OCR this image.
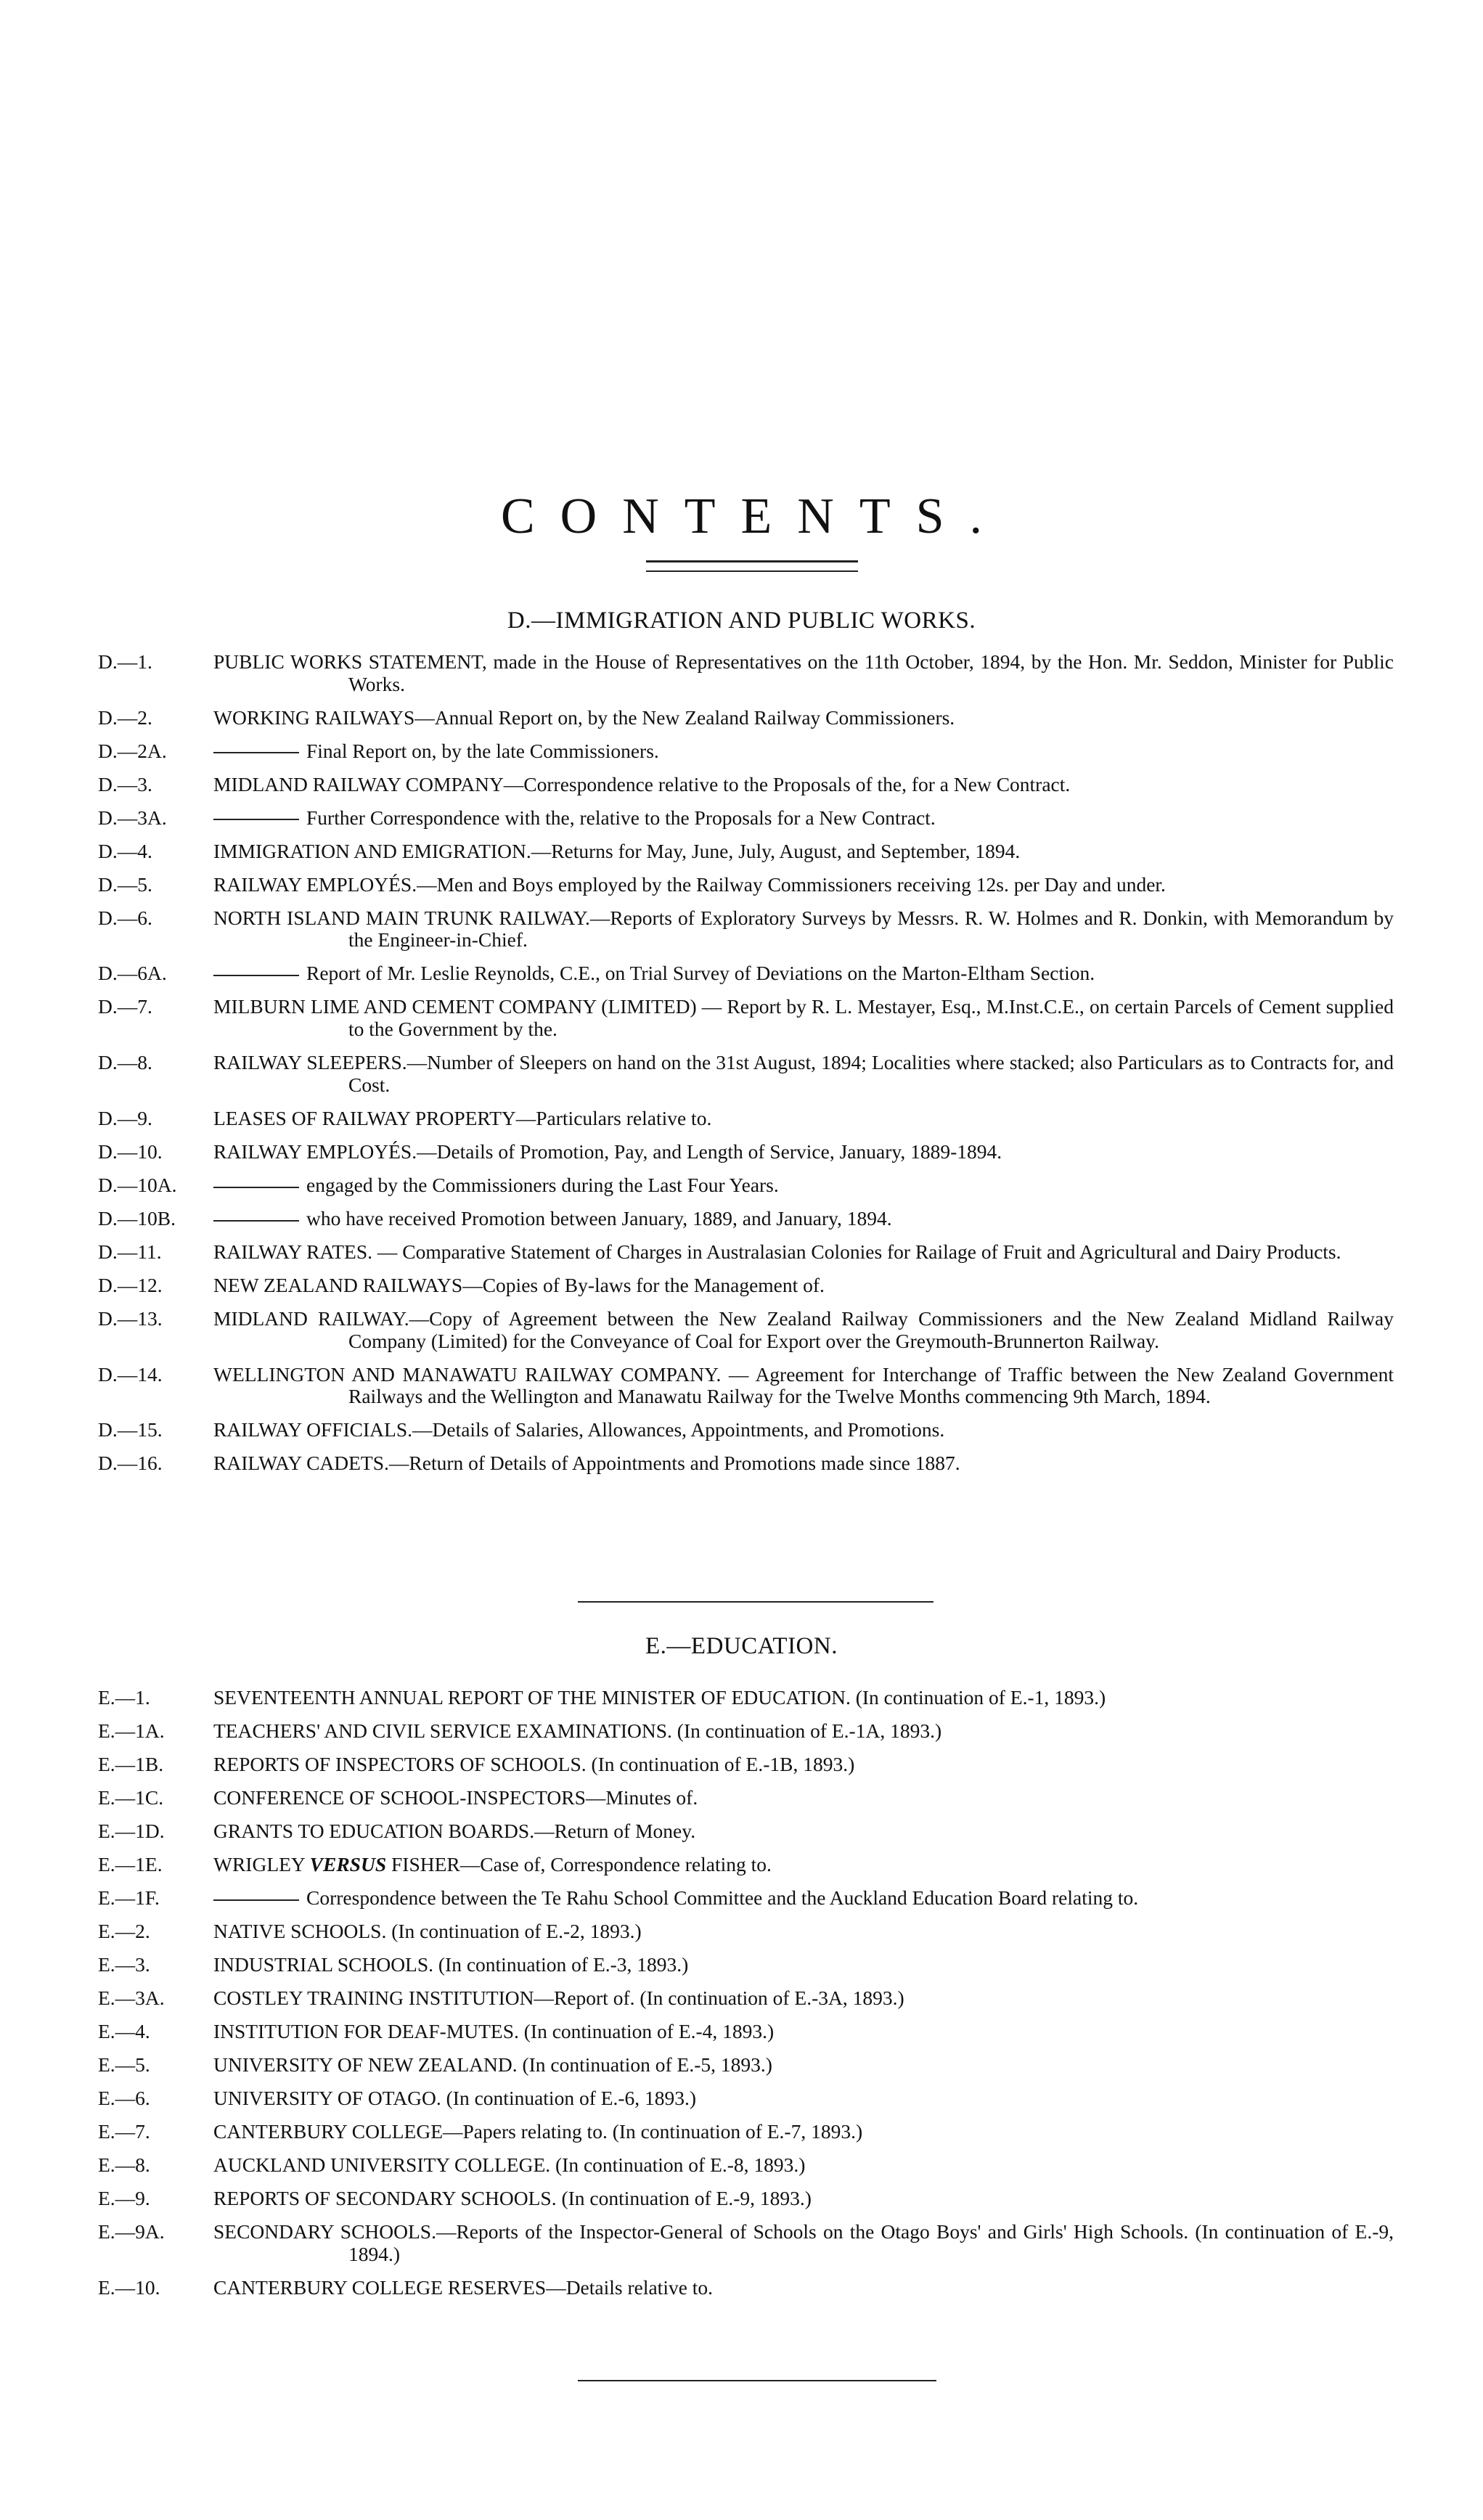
CONTENTS.
D.—IMMIGRATION AND PUBLIC WORKS.
D.—1.	PUBLIC WORKS STATEMENT, made in the House of Representatives on the 11th October, 1894, by the Hon. Mr. Seddon, Minister for Public Works.
D.—2.	WORKING RAILWAYS—Annual Report on, by the New Zealand Railway Commissioners.
D.—2A.	Final Report on, by the late Commissioners.
D.—3.	MIDLAND RAILWAY COMPANY—Correspondence relative to the Proposals of the, for a New Contract.
D.—3A.	Further Correspondence with the, relative to the Proposals for a New Contract.
D.—4.	IMMIGRATION AND EMIGRATION.—Returns for May, June, July, August, and September, 1894.
D.—5.	RAILWAY EMPLOYÉS.—Men and Boys employed by the Railway Commissioners receiving 12s. per Day and under.
D.—6.	NORTH ISLAND MAIN TRUNK RAILWAY.—Reports of Exploratory Surveys by Messrs. R. W. Holmes and R. Donkin, with Memorandum by the Engineer-in-Chief.
D.—6A.	Report of Mr. Leslie Reynolds, C.E., on Trial Survey of Deviations on the Marton-Eltham Section.
D.—7.	MILBURN LIME AND CEMENT COMPANY (LIMITED) — Report by R. L. Mestayer, Esq., M.Inst.C.E., on certain Parcels of Cement supplied to the Government by the.
D.—8.	RAILWAY SLEEPERS.—Number of Sleepers on hand on the 31st August, 1894; Localities where stacked; also Particulars as to Contracts for, and Cost.
D.—9.	LEASES OF RAILWAY PROPERTY—Particulars relative to.
D.—10.	RAILWAY EMPLOYÉS.—Details of Promotion, Pay, and Length of Service, January, 1889-1894.
D.—10A.	engaged by the Commissioners during the Last Four Years.
D.—10B.	who have received Promotion between January, 1889, and January, 1894.
D.—11.	RAILWAY RATES. — Comparative Statement of Charges in Australasian Colonies for Railage of Fruit and Agricultural and Dairy Products.
D.—12.	NEW ZEALAND RAILWAYS—Copies of By-laws for the Management of.
D.—13.	MIDLAND RAILWAY.—Copy of Agreement between the New Zealand Railway Commissioners and the New Zealand Midland Railway Company (Limited) for the Conveyance of Coal for Export over the Greymouth-Brunnerton Railway.
D.—14.	WELLINGTON AND MANAWATU RAILWAY COMPANY. — Agreement for Interchange of Traffic between the New Zealand Government Railways and the Wellington and Manawatu Railway for the Twelve Months commencing 9th March, 1894.
D.—15.	RAILWAY OFFICIALS.—Details of Salaries, Allowances, Appointments, and Promotions.
D.—16.	RAILWAY CADETS.—Return of Details of Appointments and Promotions made since 1887.
E.—EDUCATION.
E.—1.	SEVENTEENTH ANNUAL REPORT OF THE MINISTER OF EDUCATION. (In continuation of E.-1, 1893.)
E.—1A.	TEACHERS' AND CIVIL SERVICE EXAMINATIONS. (In continuation of E.-1A, 1893.)
E.—1B.	REPORTS OF INSPECTORS OF SCHOOLS. (In continuation of E.-1B, 1893.)
E.—1C.	CONFERENCE OF SCHOOL-INSPECTORS—Minutes of.
E.—1D.	GRANTS TO EDUCATION BOARDS.—Return of Money.
E.—1E.	WRIGLEY VERSUS FISHER—Case of, Correspondence relating to.
E.—1F.	Correspondence between the Te Rahu School Committee and the Auckland Education Board relating to.
E.—2.	NATIVE SCHOOLS. (In continuation of E.-2, 1893.)
E.—3.	INDUSTRIAL SCHOOLS. (In continuation of E.-3, 1893.)
E.—3A.	COSTLEY TRAINING INSTITUTION—Report of. (In continuation of E.-3A, 1893.)
E.—4.	INSTITUTION FOR DEAF-MUTES. (In continuation of E.-4, 1893.)
E.—5.	UNIVERSITY OF NEW ZEALAND. (In continuation of E.-5, 1893.)
E.—6.	UNIVERSITY OF OTAGO. (In continuation of E.-6, 1893.)
E.—7.	CANTERBURY COLLEGE—Papers relating to. (In continuation of E.-7, 1893.)
E.—8.	AUCKLAND UNIVERSITY COLLEGE. (In continuation of E.-8, 1893.)
E.—9.	REPORTS OF SECONDARY SCHOOLS. (In continuation of E.-9, 1893.)
E.—9A.	SECONDARY SCHOOLS.—Reports of the Inspector-General of Schools on the Otago Boys' and Girls' High Schools. (In continuation of E.-9, 1894.)
E.—10.	CANTERBURY COLLEGE RESERVES—Details relative to.
